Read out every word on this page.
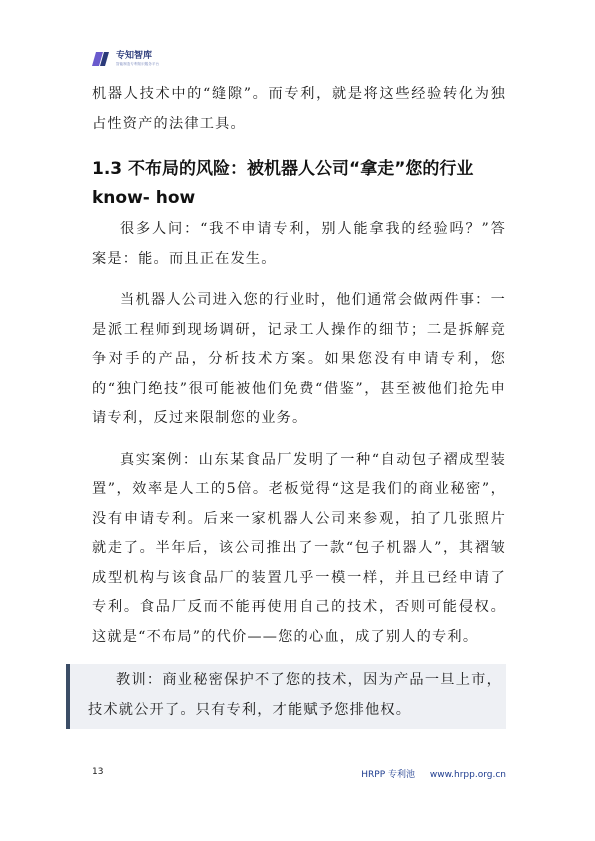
专知智库
智能制造专利知识服务平台

机器人技术中的“缝隙”。而专利，就是将这些经验转化为独占性资产的法律工具。

1.3 不布局的风险：被机器人公司“拿走”您的行业know- how

很多人问：“我不申请专利，别人能拿我的经验吗？”答案是：能。而且正在发生。

当机器人公司进入您的行业时，他们通常会做两件事：一是派工程师到现场调研，记录工人操作的细节；二是拆解竞争对手的产品，分析技术方案。如果您没有申请专利，您的“独门绝技”很可能被他们免费“借鉴”，甚至被他们抢先申请专利，反过来限制您的业务。

真实案例：山东某食品厂发明了一种“自动包子褶成型装置”，效率是人工的5倍。老板觉得“这是我们的商业秘密”，没有申请专利。后来一家机器人公司来参观，拍了几张照片就走了。半年后，该公司推出了一款“包子机器人”，其褶皱成型机构与该食品厂的装置几乎一模一样，并且已经申请了专利。食品厂反而不能再使用自己的技术，否则可能侵权。这就是“不布局”的代价——您的心血，成了别人的专利。

教训：商业秘密保护不了您的技术，因为产品一旦上市，技术就公开了。只有专利，才能赋予您排他权。

13	HRPP 专利池 www.hrpp.org.cn
